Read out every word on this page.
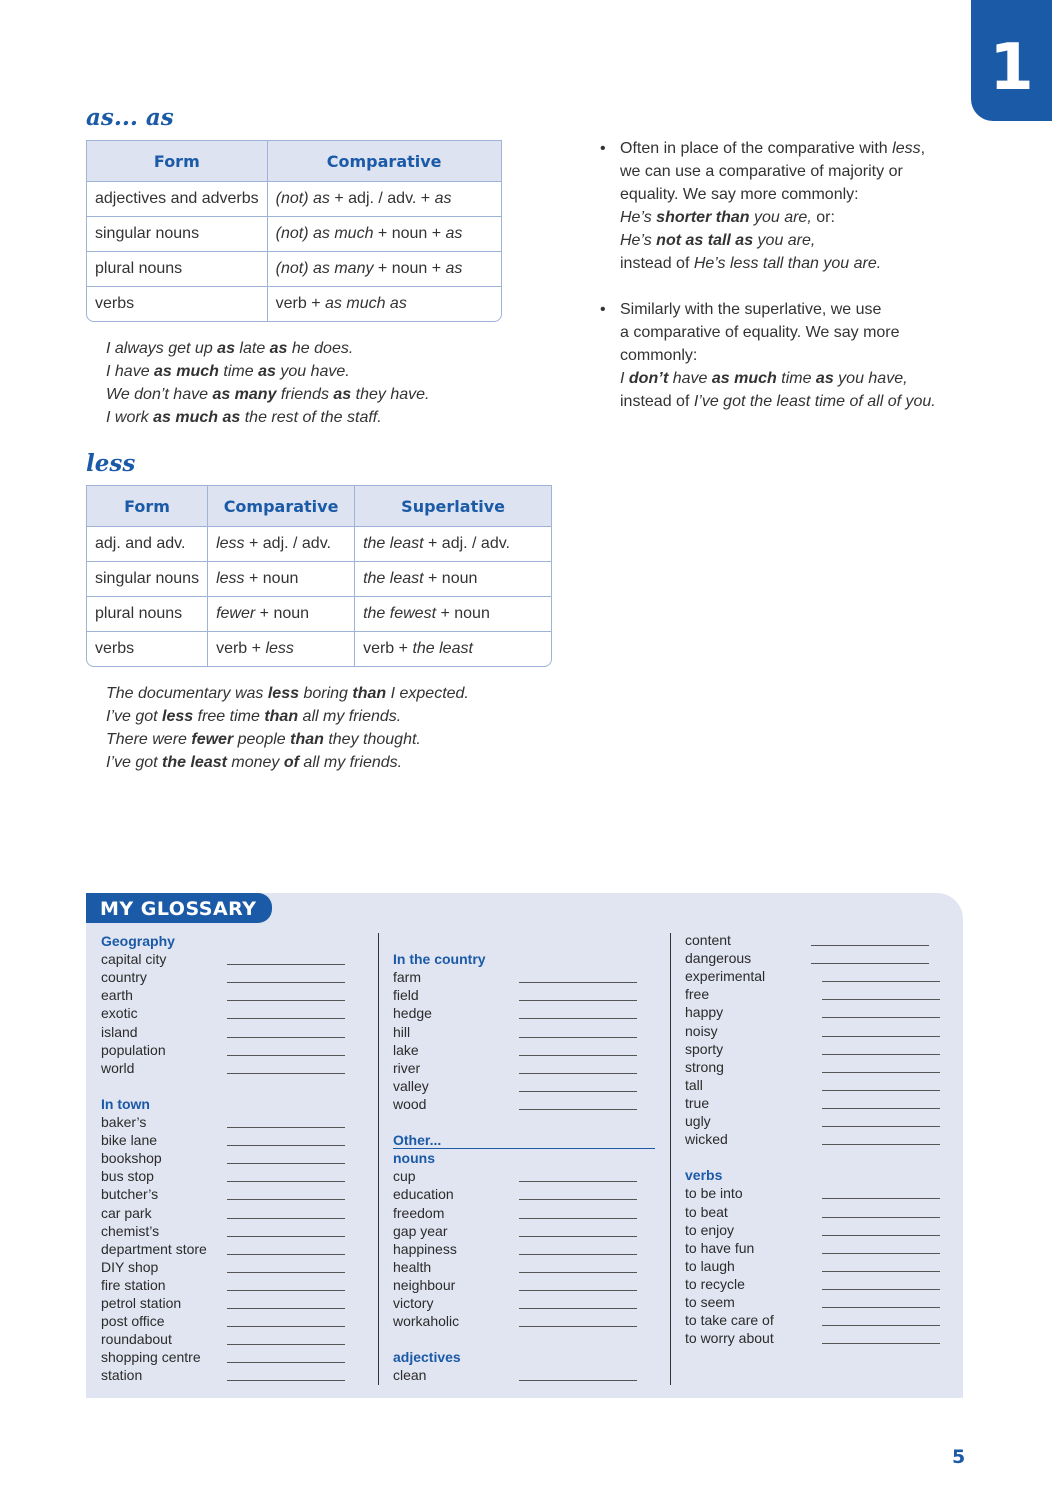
1
as... as
Form	Comparative
adjectives and adverbs	(not) as + adj. / adv. + as
singular nouns	(not) as much + noun + as
plural nouns	(not) as many + noun + as
verbs	verb + as much as
I always get up as late as he does.
I have as much time as you have.
We don’t have as many friends as they have.
I work as much as the rest of the staff.
less
Form	Comparative	Superlative
adj. and adv.	less + adj. / adv.	the least + adj. / adv.
singular nouns	less + noun	the least + noun
plural nouns	fewer + noun	the fewest + noun
verbs	verb + less	verb + the least
The documentary was less boring than I expected.
I’ve got less free time than all my friends.
There were fewer people than they thought.
I’ve got the least money of all my friends.
• Often in place of the comparative with less,
we can use a comparative of majority or
equality. We say more commonly:
He’s shorter than you are, or:
He’s not as tall as you are,
instead of He’s less tall than you are.
• Similarly with the superlative, we use
a comparative of equality. We say more
commonly:
I don’t have as much time as you have,
instead of I’ve got the least time of all of you.
MY GLOSSARY
Geography
capital city
country
earth
exotic
island
population
world
In town
baker’s
bike lane
bookshop
bus stop
butcher’s
car park
chemist’s
department store
DIY shop
fire station
petrol station
post office
roundabout
shopping centre
station
In the country
farm
field
hedge
hill
lake
river
valley
wood
Other...
nouns
cup
education
freedom
gap year
happiness
health
neighbour
victory
workaholic
adjectives
clean
content
dangerous
experimental
free
happy
noisy
sporty
strong
tall
true
ugly
wicked
verbs
to be into
to beat
to enjoy
to have fun
to laugh
to recycle
to seem
to take care of
to worry about
5
